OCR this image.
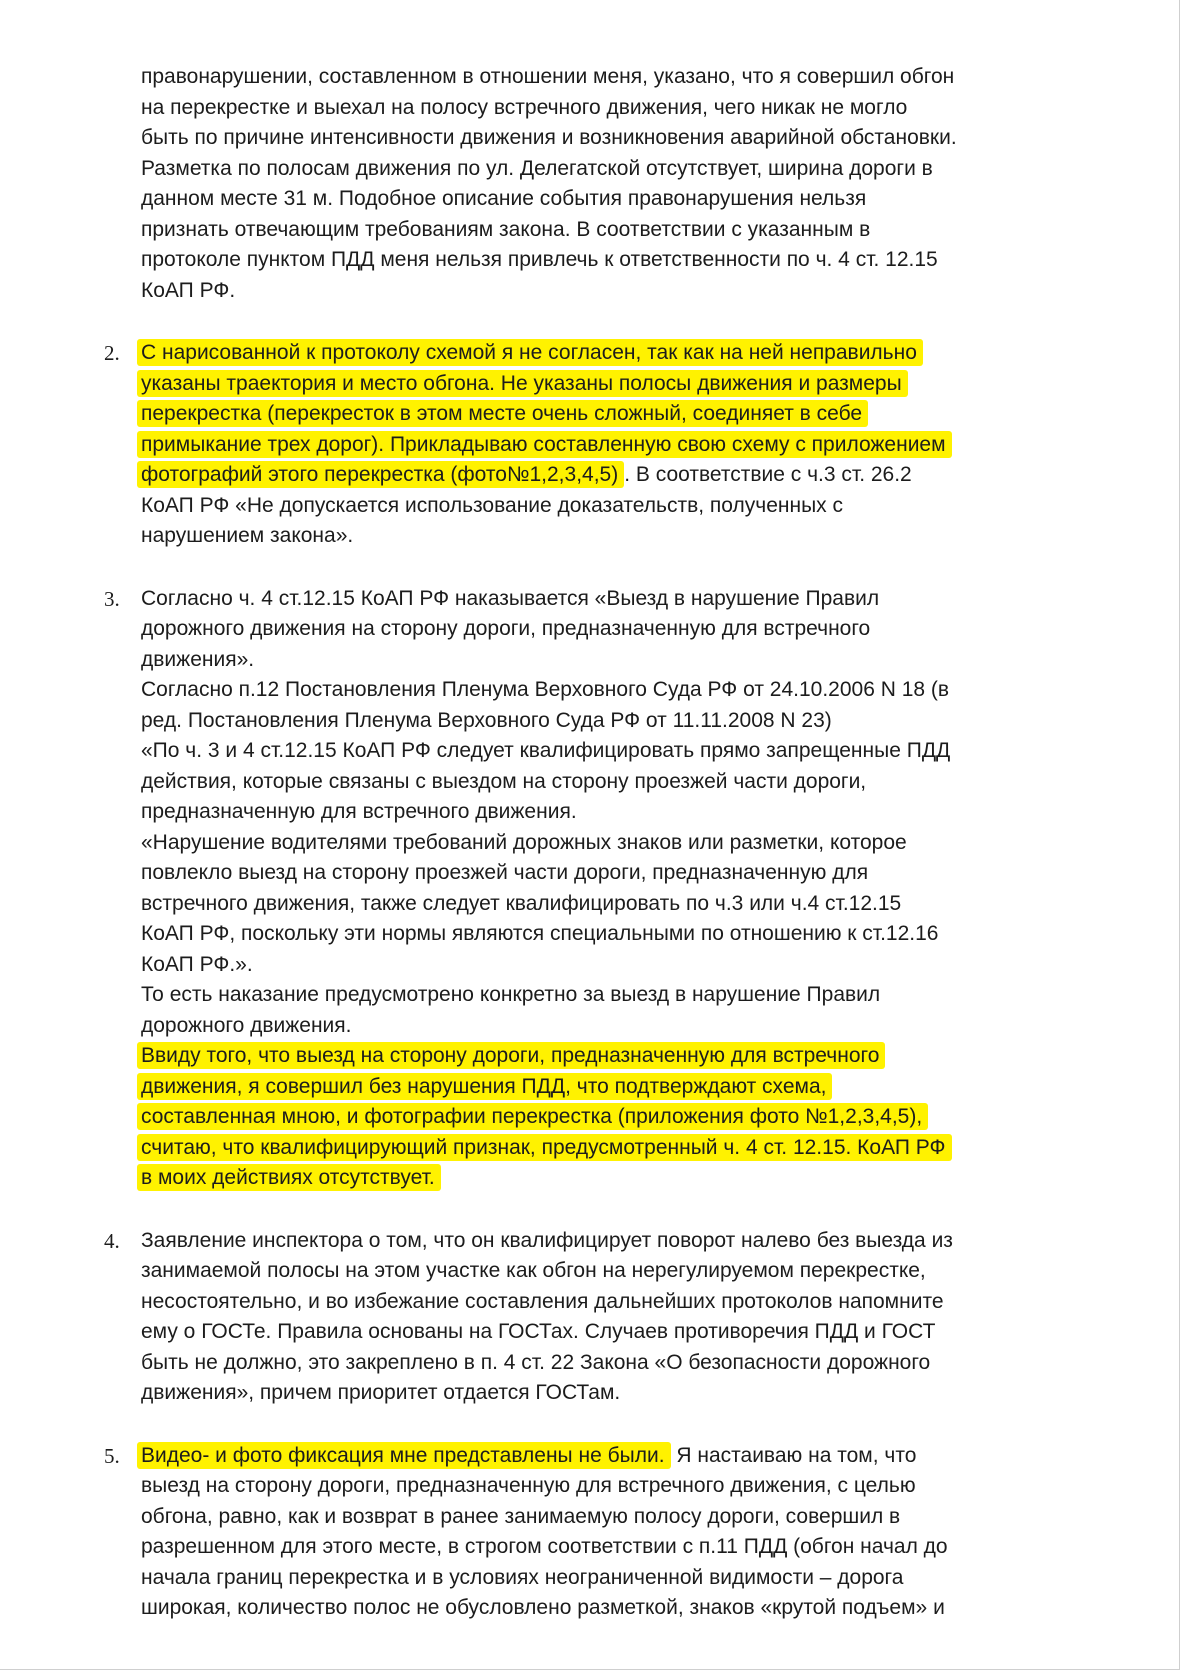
правонарушении, составленном в отношении меня, указано, что я совершил обгон
на перекрестке и выехал на полосу встречного движения, чего никак не могло
быть по причине интенсивности движения и возникновения аварийной обстановки.
Разметка по полосам движения по ул. Делегатской отсутствует, ширина дороги в
данном месте 31 м. Подобное описание события правонарушения нельзя
признать отвечающим требованиям закона. В соответствии с указанным в
протоколе пунктом ПДД меня нельзя привлечь к ответственности по ч. 4 ст. 12.15
КоАП РФ.
2. С нарисованной к протоколу схемой я не согласен, так как на ней неправильно
указаны траектория и место обгона. Не указаны полосы движения и размеры
перекрестка (перекресток в этом месте очень сложный, соединяет в себе
примыкание трех дорог). Прикладываю составленную свою схему с приложением
фотографий этого перекрестка (фото№1,2,3,4,5) . В соответствие с ч.3 ст. 26.2
КоАП РФ «Не допускается использование доказательств, полученных с
нарушением закона».
3. Согласно ч. 4 ст.12.15 КоАП РФ наказывается «Выезд в нарушение Правил
дорожного движения на сторону дороги, предназначенную для встречного
движения».
Согласно п.12 Постановления Пленума Верховного Суда РФ от 24.10.2006 N 18 (в
ред. Постановления Пленума Верховного Суда РФ от 11.11.2008 N 23)
«По ч. 3 и 4 ст.12.15 КоАП РФ следует квалифицировать прямо запрещенные ПДД
действия, которые связаны с выездом на сторону проезжей части дороги,
предназначенную для встречного движения.
«Нарушение водителями требований дорожных знаков или разметки, которое
повлекло выезд на сторону проезжей части дороги, предназначенную для
встречного движения, также следует квалифицировать по ч.3 или ч.4 ст.12.15
КоАП РФ, поскольку эти нормы являются специальными по отношению к ст.12.16
КоАП РФ.».
То есть наказание предусмотрено конкретно за выезд в нарушение Правил
дорожного движения.
Ввиду того, что выезд на сторону дороги, предназначенную для встречного
движения, я совершил без нарушения ПДД, что подтверждают схема,
составленная мною, и фотографии перекрестка (приложения фото №1,2,3,4,5),
считаю, что квалифицирующий признак, предусмотренный ч. 4 ст. 12.15. КоАП РФ
в моих действиях отсутствует.
4. Заявление инспектора о том, что он квалифицирует поворот налево без выезда из
занимаемой полосы на этом участке как обгон на нерегулируемом перекрестке,
несостоятельно, и во избежание составления дальнейших протоколов напомните
ему о ГОСТе. Правила основаны на ГОСТах. Случаев противоречия ПДД и ГОСТ
быть не должно, это закреплено в п. 4 ст. 22 Закона «О безопасности дорожного
движения», причем приоритет отдается ГОСТам.
5. Видео- и фото фиксация мне представлены не были. Я настаиваю на том, что
выезд на сторону дороги, предназначенную для встречного движения, с целью
обгона, равно, как и возврат в ранее занимаемую полосу дороги, совершил в
разрешенном для этого месте, в строгом соответствии с п.11 ПДД (обгон начал до
начала границ перекрестка и в условиях неограниченной видимости – дорога
широкая, количество полос не обусловлено разметкой, знаков «крутой подъем» и
